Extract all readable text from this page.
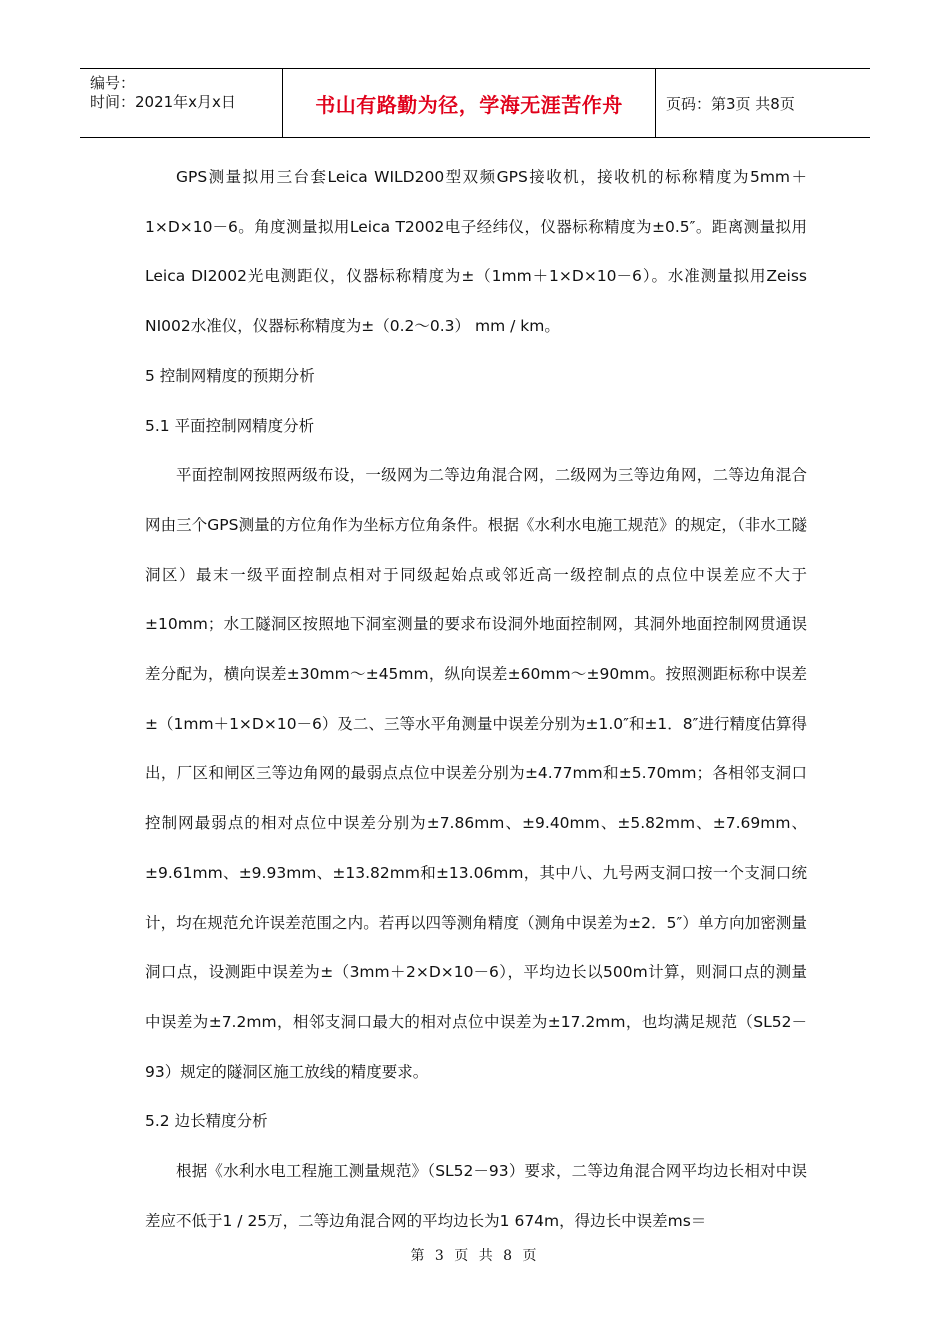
编号：
时间：2021年x月x日	书山有路勤为径，学海无涯苦作舟	页码：第3页 共8页

GPS测量拟用三台套Leica WILD200型双频GPS接收机，接收机的标称精度为5mm＋1×D×10－6。角度测量拟用Leica T2002电子经纬仪，仪器标称精度为±0.5″。距离测量拟用Leica DI2002光电测距仪，仪器标称精度为±（1mm＋1×D×10－6）。水准测量拟用Zeiss NI002水准仪，仪器标称精度为±（0.2～0.3） mm / km。

5 控制网精度的预期分析

5.1 平面控制网精度分析

平面控制网按照两级布设，一级网为二等边角混合网，二级网为三等边角网，二等边角混合网由三个GPS测量的方位角作为坐标方位角条件。根据《水利水电施工规范》的规定，（非水工隧洞区）最末一级平面控制点相对于同级起始点或邻近高一级控制点的点位中误差应不大于±10mm；水工隧洞区按照地下洞室测量的要求布设洞外地面控制网，其洞外地面控制网贯通误差分配为，横向误差±30mm～±45mm，纵向误差±60mm～±90mm。按照测距标称中误差±（1mm＋1×D×10－6）及二、三等水平角测量中误差分别为±1.0″和±1．8″进行精度估算得出，厂区和闸区三等边角网的最弱点点位中误差分别为±4.77mm和±5.70mm；各相邻支洞口控制网最弱点的相对点位中误差分别为±7.86mm、±9.40mm、±5.82mm、±7.69mm、±9.61mm、±9.93mm、±13.82mm和±13.06mm，其中八、九号两支洞口按一个支洞口统计，均在规范允许误差范围之内。若再以四等测角精度（测角中误差为±2．5″）单方向加密测量洞口点，设测距中误差为±（3mm＋2×D×10－6），平均边长以500m计算，则洞口点的测量中误差为±7.2mm，相邻支洞口最大的相对点位中误差为±17.2mm，也均满足规范（SL52－93）规定的隧洞区施工放线的精度要求。

5.2 边长精度分析

根据《水利水电工程施工测量规范》（SL52－93）要求，二等边角混合网平均边长相对中误差应不低于1 / 25万，二等边角混合网的平均边长为1 674m，得边长中误差ms＝

第 3 页 共 8 页
